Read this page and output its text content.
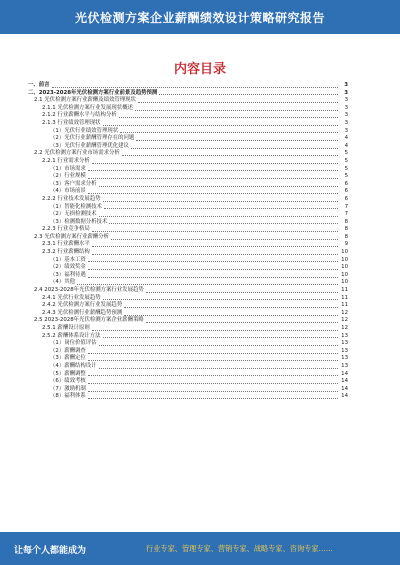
光伏检测方案企业薪酬绩效设计策略研究报告
内容目录
一、前言	3
二、2023-2028年光伏检测方案行业前景及趋势预测	3
2.1 光伏检测方案行业薪酬及绩效管理现状	3
2.1.1 光伏检测方案行业发展现状概述	3
2.1.2 行业薪酬水平与结构分析	3
2.1.3 行业绩效管理现状	3
（1）光伏行业绩效管理现状	3
（2）光伏行业薪酬管理存在的问题	4
（3）光伏行业薪酬管理优化建议	4
2.2 光伏检测方案行业市场需求分析	5
2.2.1 行业需求分析	5
（1）市场需求	5
（2）行业规模	5
（3）客户需求分析	6
（4）市场前景	6
2.2.2 行业技术发展趋势	6
（1）智能化检测技术	7
（2）无损检测技术	7
（3）检测数据分析技术	8
2.2.3 行业竞争格局	8
2.3 光伏检测方案行业薪酬分析	8
2.3.1 行业薪酬水平	9
2.3.2 行业薪酬结构	10
（1）基本工资	10
（2）绩效奖金	10
（3）福利待遇	10
（4）其他	10
2.4 2023-2028年光伏检测方案行业发展趋势	11
2.4.1 光伏行业发展趋势	11
2.4.2 光伏检测方案行业发展趋势	11
2.4.3 光伏检测行业薪酬趋势预测	12
2.5 2023-2028年光伏检测方案企业薪酬策略	12
2.5.1 薪酬设计原则	12
2.5.2 薪酬体系设计方法	13
（1）岗位价值评估	13
（2）薪酬调查	13
（3）薪酬定位	13
（4）薪酬结构设计	13
（5）薪酬调整	14
（6）绩效考核	14
（7）激励机制	14
（8）福利体系	14
让每个人都能成为	行业专家、管理专家、营销专家、战略专家、咨询专家……
